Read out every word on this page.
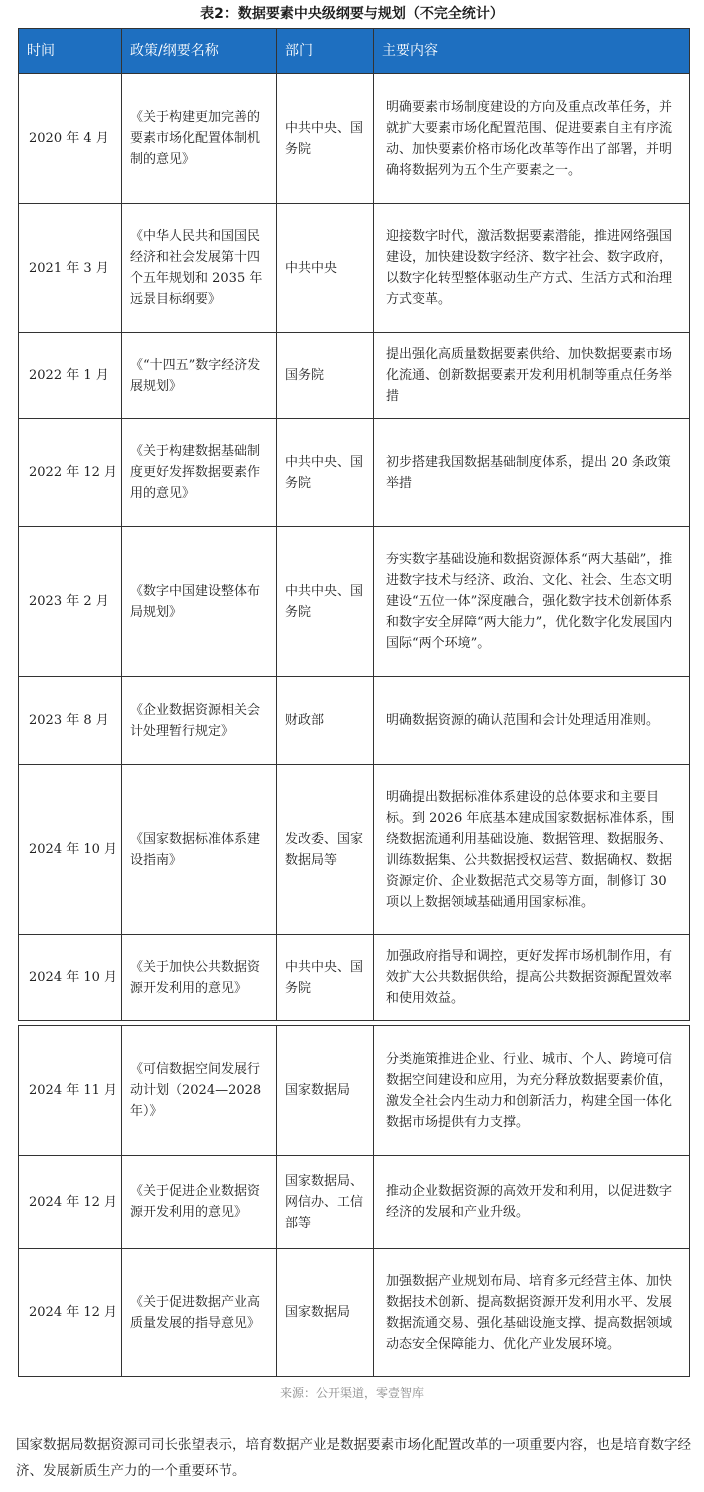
表2：数据要素中央级纲要与规划（不完全统计）
时间	政策/纲要名称	部门	主要内容
2020 年 4 月	《关于构建更加完善的要素市场化配置体制机制的意见》	中共中央、国务院	明确要素市场制度建设的方向及重点改革任务，并就扩大要素市场化配置范围、促进要素自主有序流动、加快要素价格市场化改革等作出了部署，并明确将数据列为五个生产要素之一。
2021 年 3 月	《中华人民共和国国民经济和社会发展第十四个五年规划和 2035 年远景目标纲要》	中共中央	迎接数字时代，激活数据要素潜能，推进网络强国建设，加快建设数字经济、数字社会、数字政府，以数字化转型整体驱动生产方式、生活方式和治理方式变革。
2022 年 1 月	《“十四五”数字经济发展规划》	国务院	提出强化高质量数据要素供给、加快数据要素市场化流通、创新数据要素开发利用机制等重点任务举措
2022 年 12 月	《关于构建数据基础制度更好发挥数据要素作用的意见》	中共中央、国务院	初步搭建我国数据基础制度体系，提出 20 条政策举措
2023 年 2 月	《数字中国建设整体布局规划》	中共中央、国务院	夯实数字基础设施和数据资源体系“两大基础”，推进数字技术与经济、政治、文化、社会、生态文明建设“五位一体”深度融合，强化数字技术创新体系和数字安全屏障“两大能力”，优化数字化发展国内国际“两个环境”。
2023 年 8 月	《企业数据资源相关会计处理暂行规定》	财政部	明确数据资源的确认范围和会计处理适用准则。
2024 年 10 月	《国家数据标准体系建设指南》	发改委、国家数据局等	明确提出数据标准体系建设的总体要求和主要目标。到 2026 年底基本建成国家数据标准体系，围绕数据流通利用基础设施、数据管理、数据服务、训练数据集、公共数据授权运营、数据确权、数据资源定价、企业数据范式交易等方面，制修订 30 项以上数据领域基础通用国家标准。
2024 年 10 月	《关于加快公共数据资源开发利用的意见》	中共中央、国务院	加强政府指导和调控，更好发挥市场机制作用，有效扩大公共数据供给，提高公共数据资源配置效率和使用效益。
2024 年 11 月	《可信数据空间发展行动计划（2024—2028 年）》	国家数据局	分类施策推进企业、行业、城市、个人、跨境可信数据空间建设和应用，为充分释放数据要素价值，激发全社会内生动力和创新活力，构建全国一体化数据市场提供有力支撑。
2024 年 12 月	《关于促进企业数据资源开发利用的意见》	国家数据局、网信办、工信部等	推动企业数据资源的高效开发和利用，以促进数字经济的发展和产业升级。
2024 年 12 月	《关于促进数据产业高质量发展的指导意见》	国家数据局	加强数据产业规划布局、培育多元经营主体、加快数据技术创新、提高数据资源开发利用水平、发展数据流通交易、强化基础设施支撑、提高数据领域动态安全保障能力、优化产业发展环境。
来源：公开渠道，零壹智库
国家数据局数据资源司司长张望表示，培育数据产业是数据要素市场化配置改革的一项重要内容，也是培育数字经济、发展新质生产力的一个重要环节。
